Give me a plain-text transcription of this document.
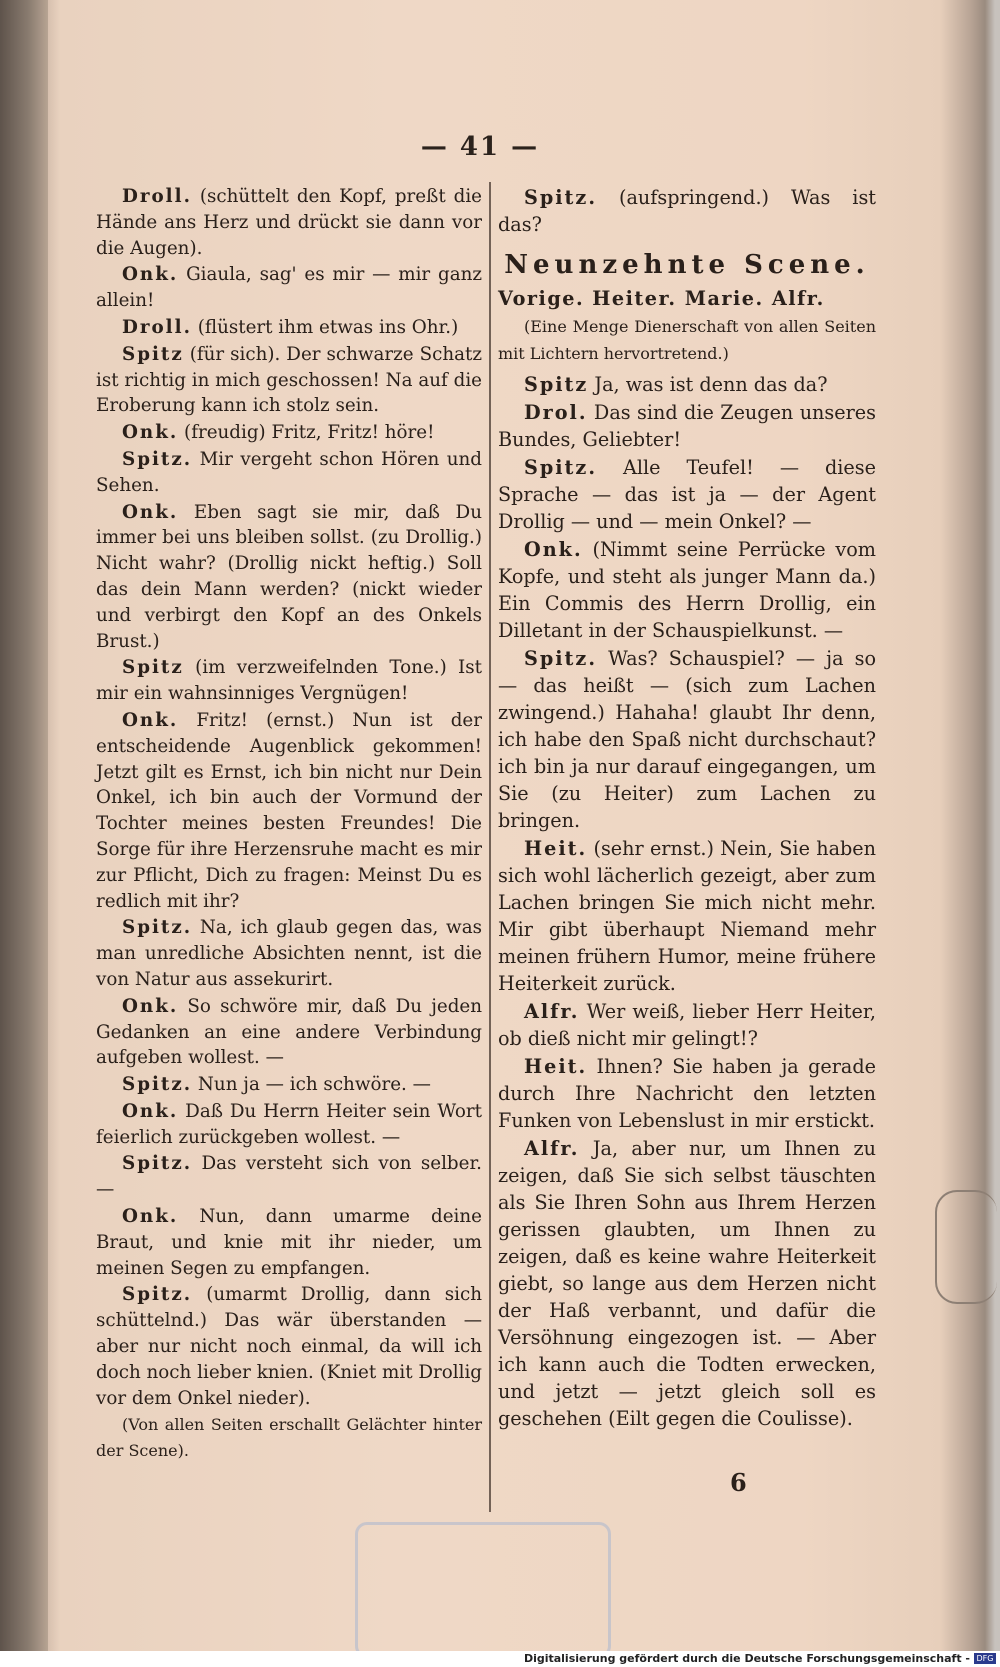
— 41 —

Droll. (schüttelt den Kopf, preßt die Hände ans Herz und drückt sie dann vor die Augen).

Onk. Giaula, sag' es mir — mir ganz allein!

Droll. (flüstert ihm etwas ins Ohr.)

Spitz (für sich). Der schwarze Schatz ist richtig in mich geschossen! Na auf die Eroberung kann ich stolz sein.

Onk. (freudig) Fritz, Fritz! höre!

Spitz. Mir vergeht schon Hören und Sehen.

Onk. Eben sagt sie mir, daß Du immer bei uns bleiben sollst. (zu Drollig.) Nicht wahr? (Drollig nickt heftig.) Soll das dein Mann werden? (nickt wieder und verbirgt den Kopf an des Onkels Brust.)

Spitz (im verzweifelnden Tone.) Ist mir ein wahnsinniges Vergnügen!

Onk. Fritz! (ernst.) Nun ist der entscheidende Augenblick gekommen! Jetzt gilt es Ernst, ich bin nicht nur Dein Onkel, ich bin auch der Vormund der Tochter meines besten Freundes! Die Sorge für ihre Herzensruhe macht es mir zur Pflicht, Dich zu fragen: Meinst Du es redlich mit ihr?

Spitz. Na, ich glaub gegen das, was man unredliche Absichten nennt, ist die von Natur aus assekurirt.

Onk. So schwöre mir, daß Du jeden Gedanken an eine andere Verbindung aufgeben wollest. —

Spitz. Nun ja — ich schwöre. —

Onk. Daß Du Herrn Heiter sein Wort feierlich zurückgeben wollest. —

Spitz. Das versteht sich von selber. —

Onk. Nun, dann umarme deine Braut, und knie mit ihr nieder, um meinen Segen zu empfangen.

Spitz. (umarmt Drollig, dann sich schüttelnd.) Das wär überstanden — aber nur nicht noch einmal, da will ich doch noch lieber knien. (Kniet mit Drollig vor dem Onkel nieder).

(Von allen Seiten erschallt Gelächter hinter der Scene).

Spitz. (aufspringend.) Was ist das?

Neunzehnte Scene.

Vorige. Heiter. Marie. Alfr.

(Eine Menge Dienerschaft von allen Seiten mit Lichtern hervortretend.)

Spitz Ja, was ist denn das da?

Drol. Das sind die Zeugen unseres Bundes, Geliebter!

Spitz. Alle Teufel! — diese Sprache — das ist ja — der Agent Drollig — und — mein Onkel? —

Onk. (Nimmt seine Perrücke vom Kopfe, und steht als junger Mann da.) Ein Commis des Herrn Drollig, ein Dilletant in der Schauspielkunst. —

Spitz. Was? Schauspiel? — ja so — das heißt — (sich zum Lachen zwingend.) Hahaha! glaubt Ihr denn, ich habe den Spaß nicht durchschaut? ich bin ja nur darauf eingegangen, um Sie (zu Heiter) zum Lachen zu bringen.

Heit. (sehr ernst.) Nein, Sie haben sich wohl lächerlich gezeigt, aber zum Lachen bringen Sie mich nicht mehr. Mir gibt überhaupt Niemand mehr meinen frühern Humor, meine frühere Heiterkeit zurück.

Alfr. Wer weiß, lieber Herr Heiter, ob dieß nicht mir gelingt!?

Heit. Ihnen? Sie haben ja gerade durch Ihre Nachricht den letzten Funken von Lebenslust in mir erstickt.

Alfr. Ja, aber nur, um Ihnen zu zeigen, daß Sie sich selbst täuschten als Sie Ihren Sohn aus Ihrem Herzen gerissen glaubten, um Ihnen zu zeigen, daß es keine wahre Heiterkeit giebt, so lange aus dem Herzen nicht der Haß verbannt, und dafür die Versöhnung eingezogen ist. — Aber ich kann auch die Todten erwecken, und jetzt — jetzt gleich soll es geschehen (Eilt gegen die Coulisse).

6
Digitalisierung gefördert durch die Deutsche Forschungsgemeinschaft - DFG
